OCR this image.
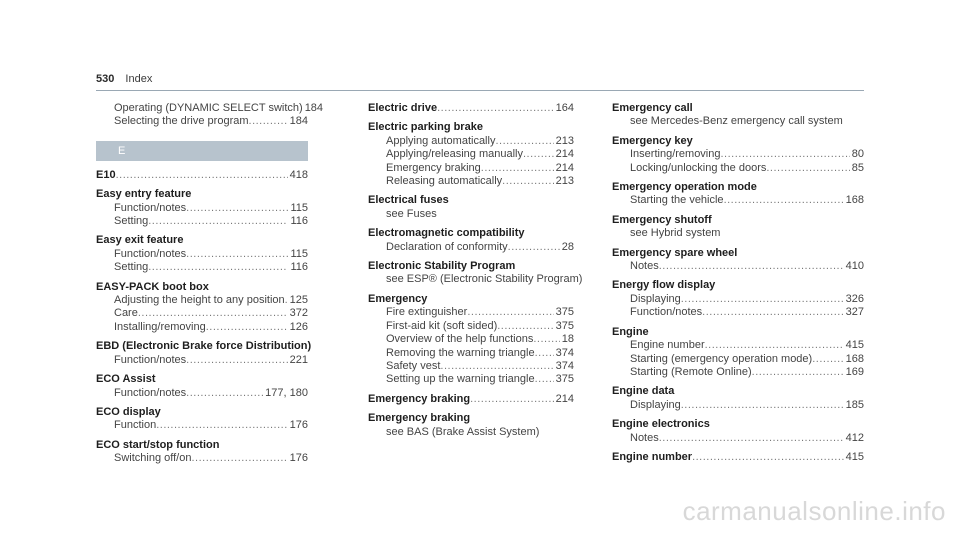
530 Index
Operating (DYNAMIC SELECT switch) 184
Selecting the drive program .....	184
E
E10 .....	418
Easy entry feature
Function/notes .....	115
Setting .....	116
Easy exit feature
Function/notes .....	115
Setting .....	116
EASY-PACK boot box
Adjusting the height to any position ..... 125
Care .....	372
Installing/removing .....	126
EBD (Electronic Brake force Distribution)
Function/notes .....	221
ECO Assist
Function/notes .....	177, 180
ECO display
Function .....	176
ECO start/stop function
Switching off/on .....	176
Electric drive .....	164
Electric parking brake
Applying automatically .....	213
Applying/releasing manually .....	214
Emergency braking .....	214
Releasing automatically .....	213
Electrical fuses
see Fuses
Electromagnetic compatibility
Declaration of conformity .....	28
Electronic Stability Program
see ESP® (Electronic Stability Program)
Emergency
Fire extinguisher .....	375
First-aid kit (soft sided) .....	375
Overview of the help functions .....	18
Removing the warning triangle ..... 374
Safety vest .....	374
Setting up the warning triangle ..... 375
Emergency braking .....	214
Emergency braking
see BAS (Brake Assist System)
Emergency call
see Mercedes-Benz emergency call system
Emergency key
Inserting/removing .....	80
Locking/unlocking the doors .....	85
Emergency operation mode
Starting the vehicle .....	168
Emergency shutoff
see Hybrid system
Emergency spare wheel
Notes .....	410
Energy flow display
Displaying .....	326
Function/notes .....	327
Engine
Engine number .....	415
Starting (emergency operation mode) .....	168
Starting (Remote Online) .....	169
Engine data
Displaying .....	185
Engine electronics
Notes .....	412
Engine number .....	415
carmanualsonline.info
